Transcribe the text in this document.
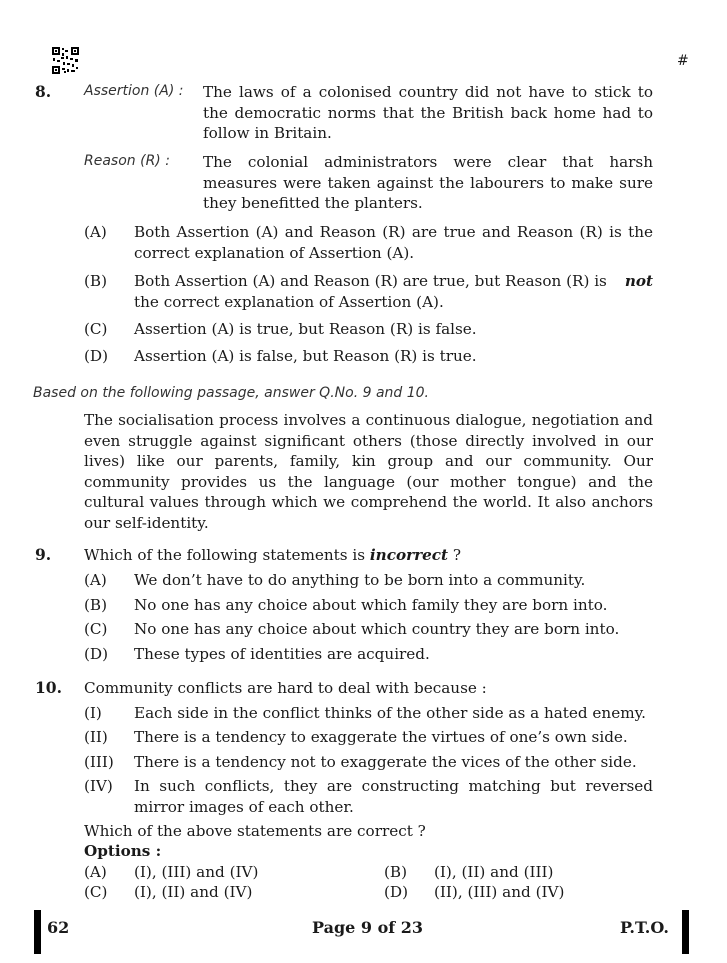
#
8. Assertion (A) : The laws of a colonised country did not have to stick to
the democratic norms that the British back home had to
follow in Britain.
Reason (R) : The colonial administrators were clear that harsh
measures were taken against the labourers to make sure
they benefitted the planters.
(A)	Both Assertion (A) and Reason (R) are true and Reason (R) is the
correct explanation of Assertion (A).
(B)	Both Assertion (A) and Reason (R) are true, but Reason (R) is not
the correct explanation of Assertion (A).
(C)	Assertion (A) is true, but Reason (R) is false.
(D)	Assertion (A) is false, but Reason (R) is true.
Based on the following passage, answer Q.No. 9 and 10.
The socialisation process involves a continuous dialogue, negotiation and
even struggle against significant others (those directly involved in our
lives) like our parents, family, kin group and our community. Our
community provides us the language (our mother tongue) and the
cultural values through which we comprehend the world. It also anchors
our self-identity.
9. Which of the following statements is incorrect ?
(A)	We don’t have to do anything to be born into a community.
(B)	No one has any choice about which family they are born into.
(C)	No one has any choice about which country they are born into.
(D)	These types of identities are acquired.
10. Community conflicts are hard to deal with because :
(I)	Each side in the conflict thinks of the other side as a hated enemy.
(II)	There is a tendency to exaggerate the virtues of one’s own side.
(III)	There is a tendency not to exaggerate the vices of the other side.
(IV)	In such conflicts, they are constructing matching but reversed
mirror images of each other.
Which of the above statements are correct ?
Options :
(A)	(I), (III) and (IV)	(B)	(I), (II) and (III)
(C)	(I), (II) and (IV)	(D)	(II), (III) and (IV)
62	Page 9 of 23	P.T.O.
